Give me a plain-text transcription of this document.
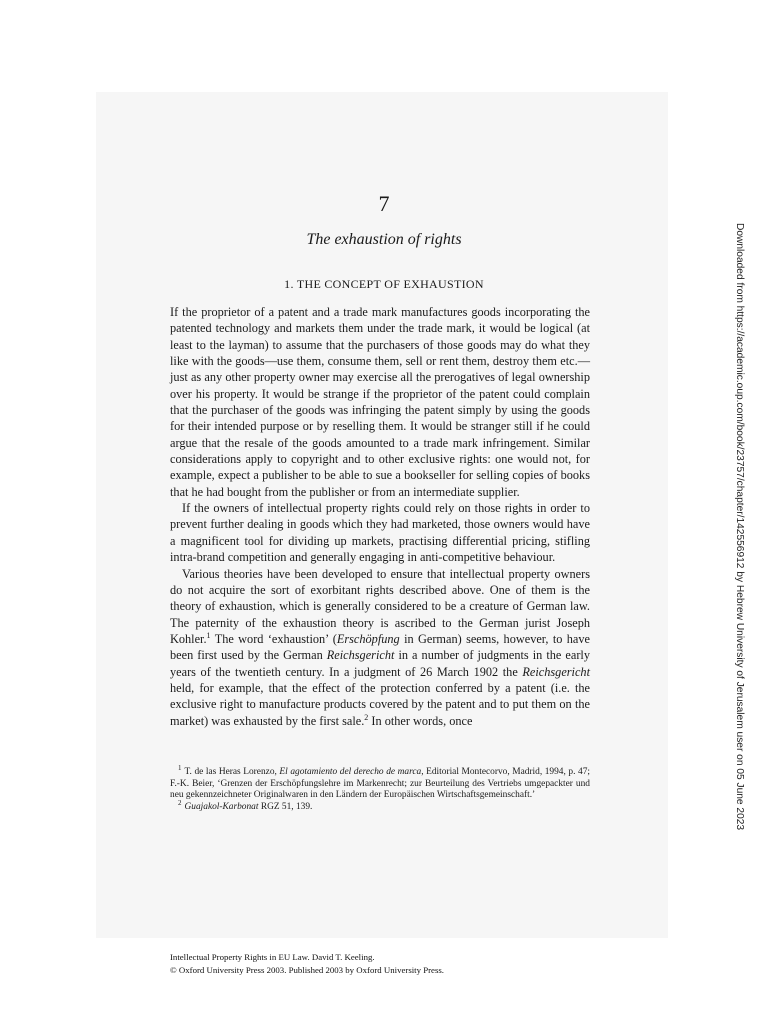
7
The exhaustion of rights
1. THE CONCEPT OF EXHAUSTION

If the proprietor of a patent and a trade mark manufactures goods incorporating the patented technology and markets them under the trade mark, it would be logical (at least to the layman) to assume that the purchasers of those goods may do what they like with the goods—use them, consume them, sell or rent them, destroy them etc.—just as any other property owner may exercise all the prerogatives of legal ownership over his property. It would be strange if the proprietor of the patent could complain that the purchaser of the goods was infringing the patent simply by using the goods for their intended purpose or by reselling them. It would be stranger still if he could argue that the resale of the goods amounted to a trade mark infringement. Similar considerations apply to copyright and to other exclusive rights: one would not, for example, expect a publisher to be able to sue a bookseller for selling copies of books that he had bought from the publisher or from an intermediate supplier.

If the owners of intellectual property rights could rely on those rights in order to prevent further dealing in goods which they had marketed, those owners would have a magnificent tool for dividing up markets, practising differential pricing, stifling intra-brand competition and generally engaging in anti-competitive behaviour.

Various theories have been developed to ensure that intellectual property owners do not acquire the sort of exorbitant rights described above. One of them is the theory of exhaustion, which is generally considered to be a creature of German law. The paternity of the exhaustion theory is ascribed to the German jurist Joseph Kohler.$^1$ The word ‘exhaustion’ (Erschöpfung in German) seems, however, to have been first used by the German Reichsgericht in a number of judgments in the early years of the twentieth century. In a judgment of 26 March 1902 the Reichsgericht held, for example, that the effect of the protection conferred by a patent (i.e. the exclusive right to manufacture products covered by the patent and to put them on the market) was exhausted by the first sale.$^2$ In other words, once

$^1$ T. de las Heras Lorenzo, El agotamiento del derecho de marca, Editorial Montecorvo, Madrid, 1994, p. 47; F.-K. Beier, ‘Grenzen der Erschöpfungslehre im Markenrecht; zur Beurteilung des Vertriebs umgepackter und neu gekennzeichneter Originalwaren in den Ländern der Europäischen Wirtschaftsgemeinschaft.’

$^2$ Guajakol-Karbonat RGZ 51, 139.

Intellectual Property Rights in EU Law. David T. Keeling.
© Oxford University Press 2003. Published 2003 by Oxford University Press.
Downloaded from https://academic.oup.com/book/23757/chapter/142556912 by Hebrew University of Jerusalem user on 05 June 2023
